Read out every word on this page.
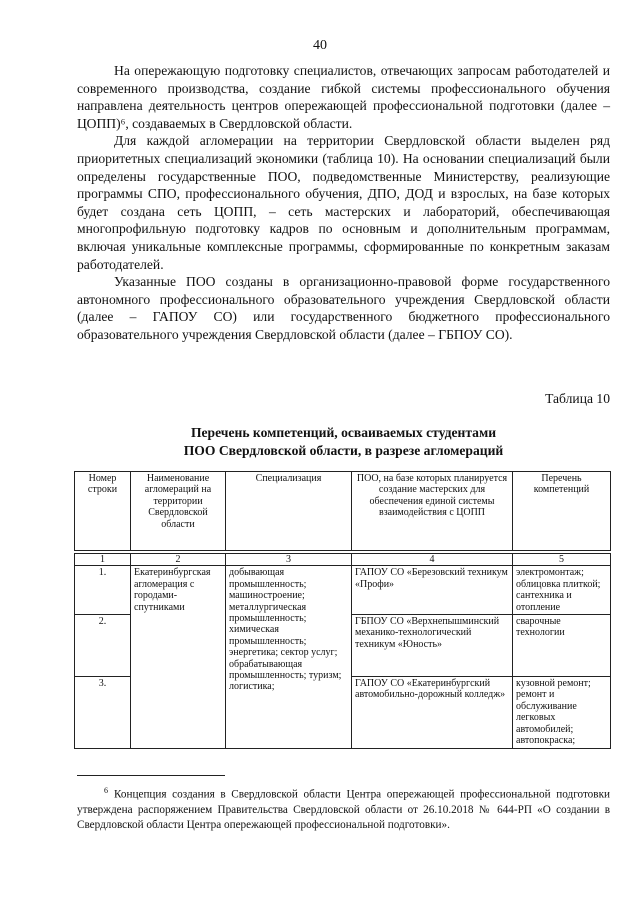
40

На опережающую подготовку специалистов, отвечающих запросам работодателей и современного производства, создание гибкой системы профессионального обучения направлена деятельность центров опережающей профессиональной подготовки (далее – ЦОПП)⁶, создаваемых в Свердловской области.

Для каждой агломерации на территории Свердловской области выделен ряд приоритетных специализаций экономики (таблица 10). На основании специализаций были определены государственные ПОО, подведомственные Министерству, реализующие программы СПО, профессионального обучения, ДПО, ДОД и взрослых, на базе которых будет создана сеть ЦОПП, – сеть мастерских и лабораторий, обеспечивающая многопрофильную подготовку кадров по основным и дополнительным программам, включая уникальные комплексные программы, сформированные по конкретным заказам работодателей.

Указанные ПОО созданы в организационно-правовой форме государственного автономного профессионального образовательного учреждения Свердловской области (далее – ГАПОУ СО) или государственного бюджетного профессионального образовательного учреждения Свердловской области (далее – ГБПОУ СО).

Таблица 10
Перечень компетенций, осваиваемых студентами
ПОО Свердловской области, в разрезе агломераций
Номер строки	Наименование агломераций на территории Свердловской области	Специализация	ПОО, на базе которых планируется создание мастерских для обеспечения единой системы взаимодействия с ЦОПП	Перечень компетенций

1	2	3	4	5
1.	Екатеринбургская агломерация с городами-спутниками	добывающая промышленность; машиностроение; металлургическая промышленность; химическая промышленность; энергетика; сектор услуг; обрабатывающая промышленность; туризм; логистика;	ГАПОУ СО «Березовский техникум «Профи»	электромонтаж; облицовка плиткой; сантехника и отопление
2.			ГБПОУ СО «Верхнепышминский механико-технологический техникум «Юность»	сварочные технологии
3.			ГАПОУ СО «Екатеринбургский автомобильно-дорожный колледж»	кузовной ремонт; ремонт и обслуживание легковых автомобилей; автопокраска;
$^6$ Концепция создания в Свердловской области Центра опережающей профессиональной подготовки утверждена распоряжением Правительства Свердловской области от 26.10.2018 № 644-РП «О создании в Свердловской области Центра опережающей профессиональной подготовки».
